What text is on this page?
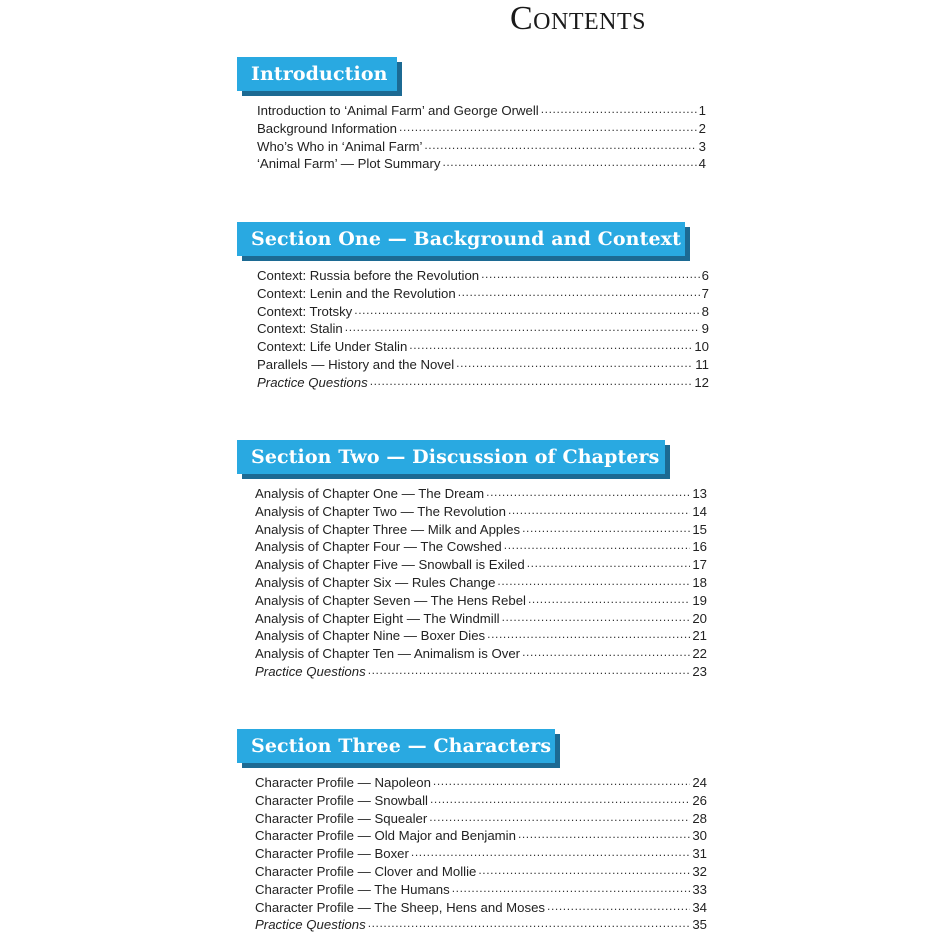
Contents
Introduction
Introduction to ‘Animal Farm’ and George Orwell .....	1
Background Information .....	2
Who’s Who in ‘Animal Farm’ .....	3
‘Animal Farm’ — Plot Summary .....	4
Section One — Background and Context
Context: Russia before the Revolution .....	6
Context: Lenin and the Revolution .....	7
Context: Trotsky .....	8
Context: Stalin .....	9
Context: Life Under Stalin .....	10
Parallels — History and the Novel .....	11
Practice Questions .....	12
Section Two — Discussion of Chapters
Analysis of Chapter One — The Dream .....	13
Analysis of Chapter Two — The Revolution .....	14
Analysis of Chapter Three — Milk and Apples .....	15
Analysis of Chapter Four — The Cowshed .....	16
Analysis of Chapter Five — Snowball is Exiled .....	17
Analysis of Chapter Six — Rules Change .....	18
Analysis of Chapter Seven — The Hens Rebel .....	19
Analysis of Chapter Eight — The Windmill .....	20
Analysis of Chapter Nine — Boxer Dies .....	21
Analysis of Chapter Ten — Animalism is Over .....	22
Practice Questions .....	23
Section Three — Characters
Character Profile — Napoleon .....	24
Character Profile — Snowball .....	26
Character Profile — Squealer .....	28
Character Profile — Old Major and Benjamin .....	30
Character Profile — Boxer .....	31
Character Profile — Clover and Mollie .....	32
Character Profile — The Humans .....	33
Character Profile — The Sheep, Hens and Moses .....	34
Practice Questions .....	35
